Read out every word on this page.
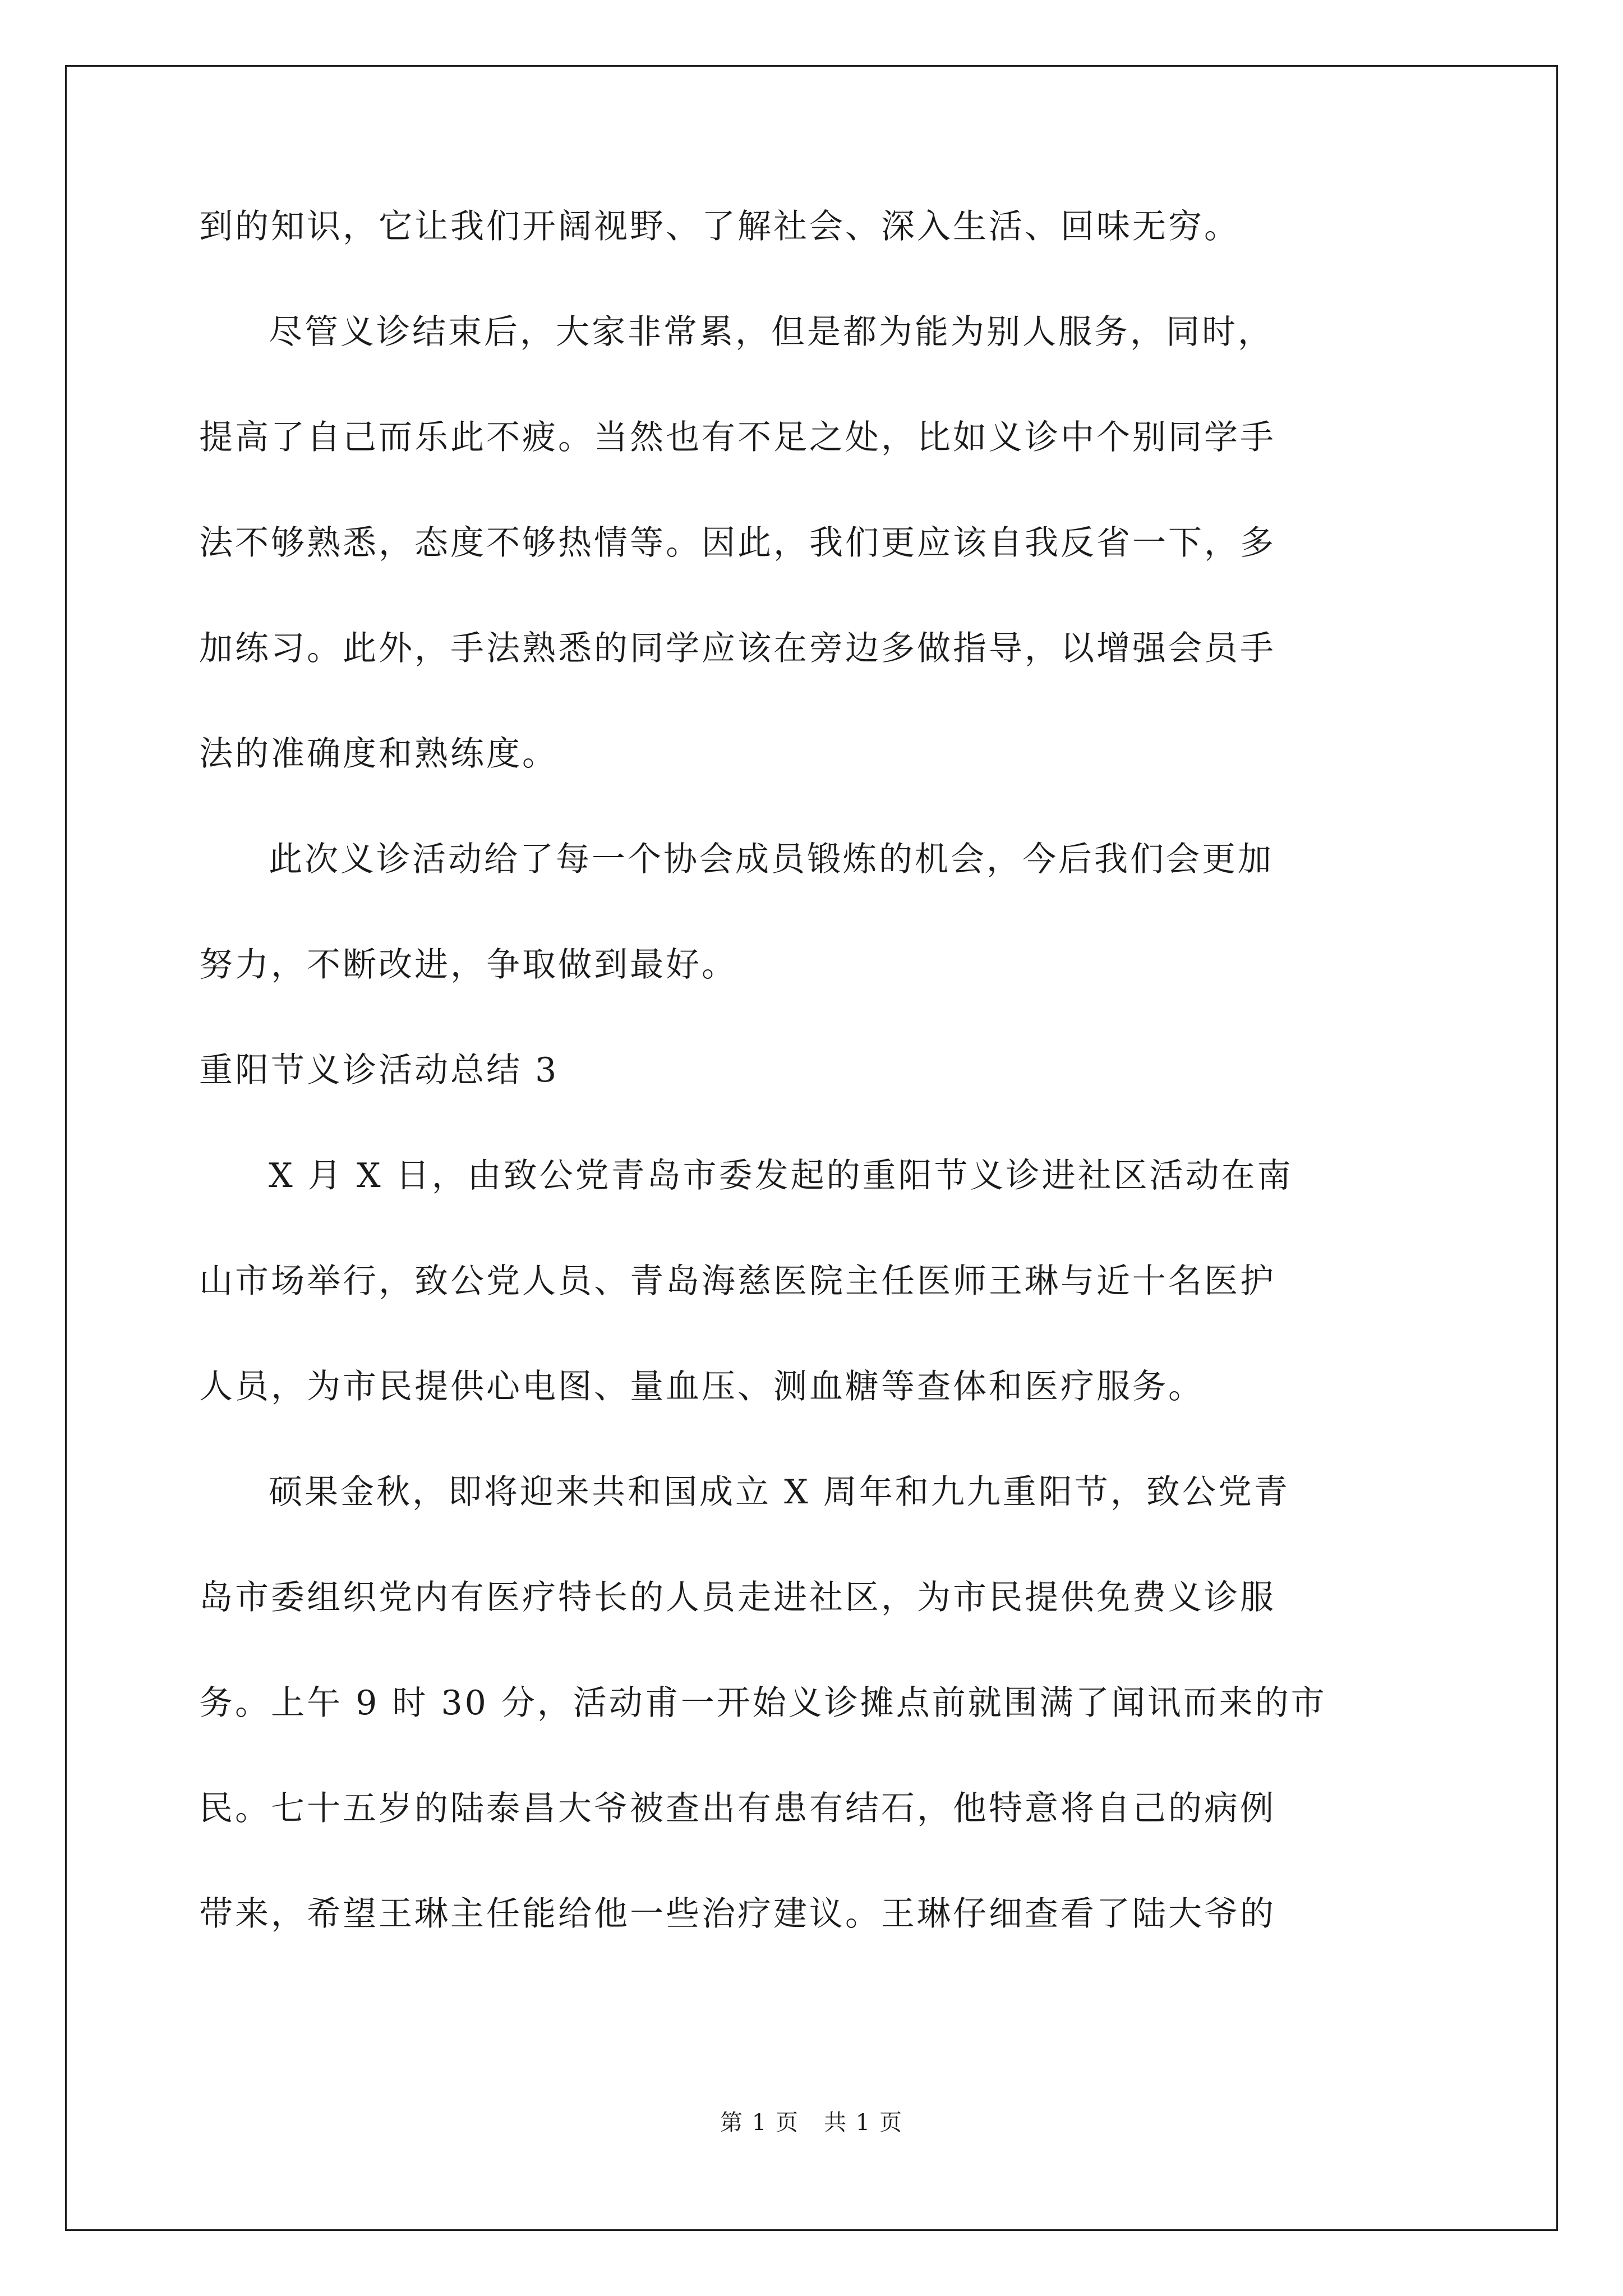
到的知识，它让我们开阔视野、了解社会、深入生活、回味无穷。
尽管义诊结束后，大家非常累，但是都为能为别人服务，同时，
提高了自己而乐此不疲。当然也有不足之处，比如义诊中个别同学手
法不够熟悉，态度不够热情等。因此，我们更应该自我反省一下，多
加练习。此外，手法熟悉的同学应该在旁边多做指导，以增强会员手
法的准确度和熟练度。
此次义诊活动给了每一个协会成员锻炼的机会，今后我们会更加
努力，不断改进，争取做到最好。
重阳节义诊活动总结 3
X 月 X 日，由致公党青岛市委发起的重阳节义诊进社区活动在南
山市场举行，致公党人员、青岛海慈医院主任医师王琳与近十名医护
人员，为市民提供心电图、量血压、测血糖等查体和医疗服务。
硕果金秋，即将迎来共和国成立 X 周年和九九重阳节，致公党青
岛市委组织党内有医疗特长的人员走进社区，为市民提供免费义诊服
务。上午 9 时 30 分，活动甫一开始义诊摊点前就围满了闻讯而来的市
民。七十五岁的陆泰昌大爷被查出有患有结石，他特意将自己的病例
带来，希望王琳主任能给他一些治疗建议。王琳仔细查看了陆大爷的
第 1 页   共 1 页
